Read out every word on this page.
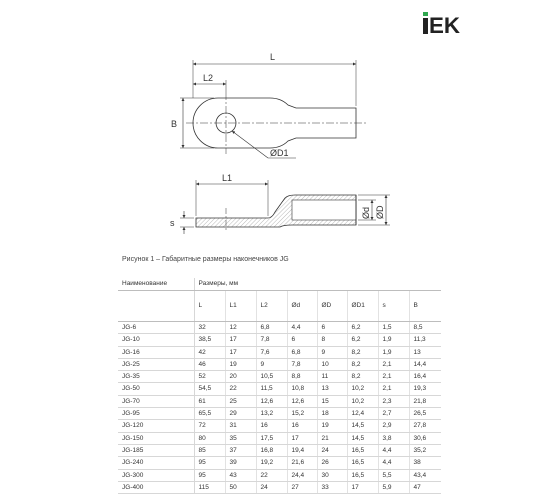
EK
L
L2
B
ØD1
L1
s
Ød ØD
Рисунок 1 – Габаритные размеры наконечников JG
Наименование	Размеры, мм							
	L	L1	L2	Ød	ØD	ØD1	s	B
JG-6	32	12	6,8	4,4	6	6,2	1,5	8,5
JG-10	38,5	17	7,8	6	8	6,2	1,9	11,3
JG-16	42	17	7,6	6,8	9	8,2	1,9	13
JG-25	46	19	9	7,8	10	8,2	2,1	14,4
JG-35	52	20	10,5	8,8	11	8,2	2,1	16,4
JG-50	54,5	22	11,5	10,8	13	10,2	2,1	19,3
JG-70	61	25	12,6	12,6	15	10,2	2,3	21,8
JG-95	65,5	29	13,2	15,2	18	12,4	2,7	26,5
JG-120	72	31	16	16	19	14,5	2,9	27,8
JG-150	80	35	17,5	17	21	14,5	3,8	30,6
JG-185	85	37	16,8	19,4	24	16,5	4,4	35,2
JG-240	95	39	19,2	21,6	26	16,5	4,4	38
JG-300	95	43	22	24,4	30	16,5	5,5	43,4
JG-400	115	50	24	27	33	17	5,9	47
